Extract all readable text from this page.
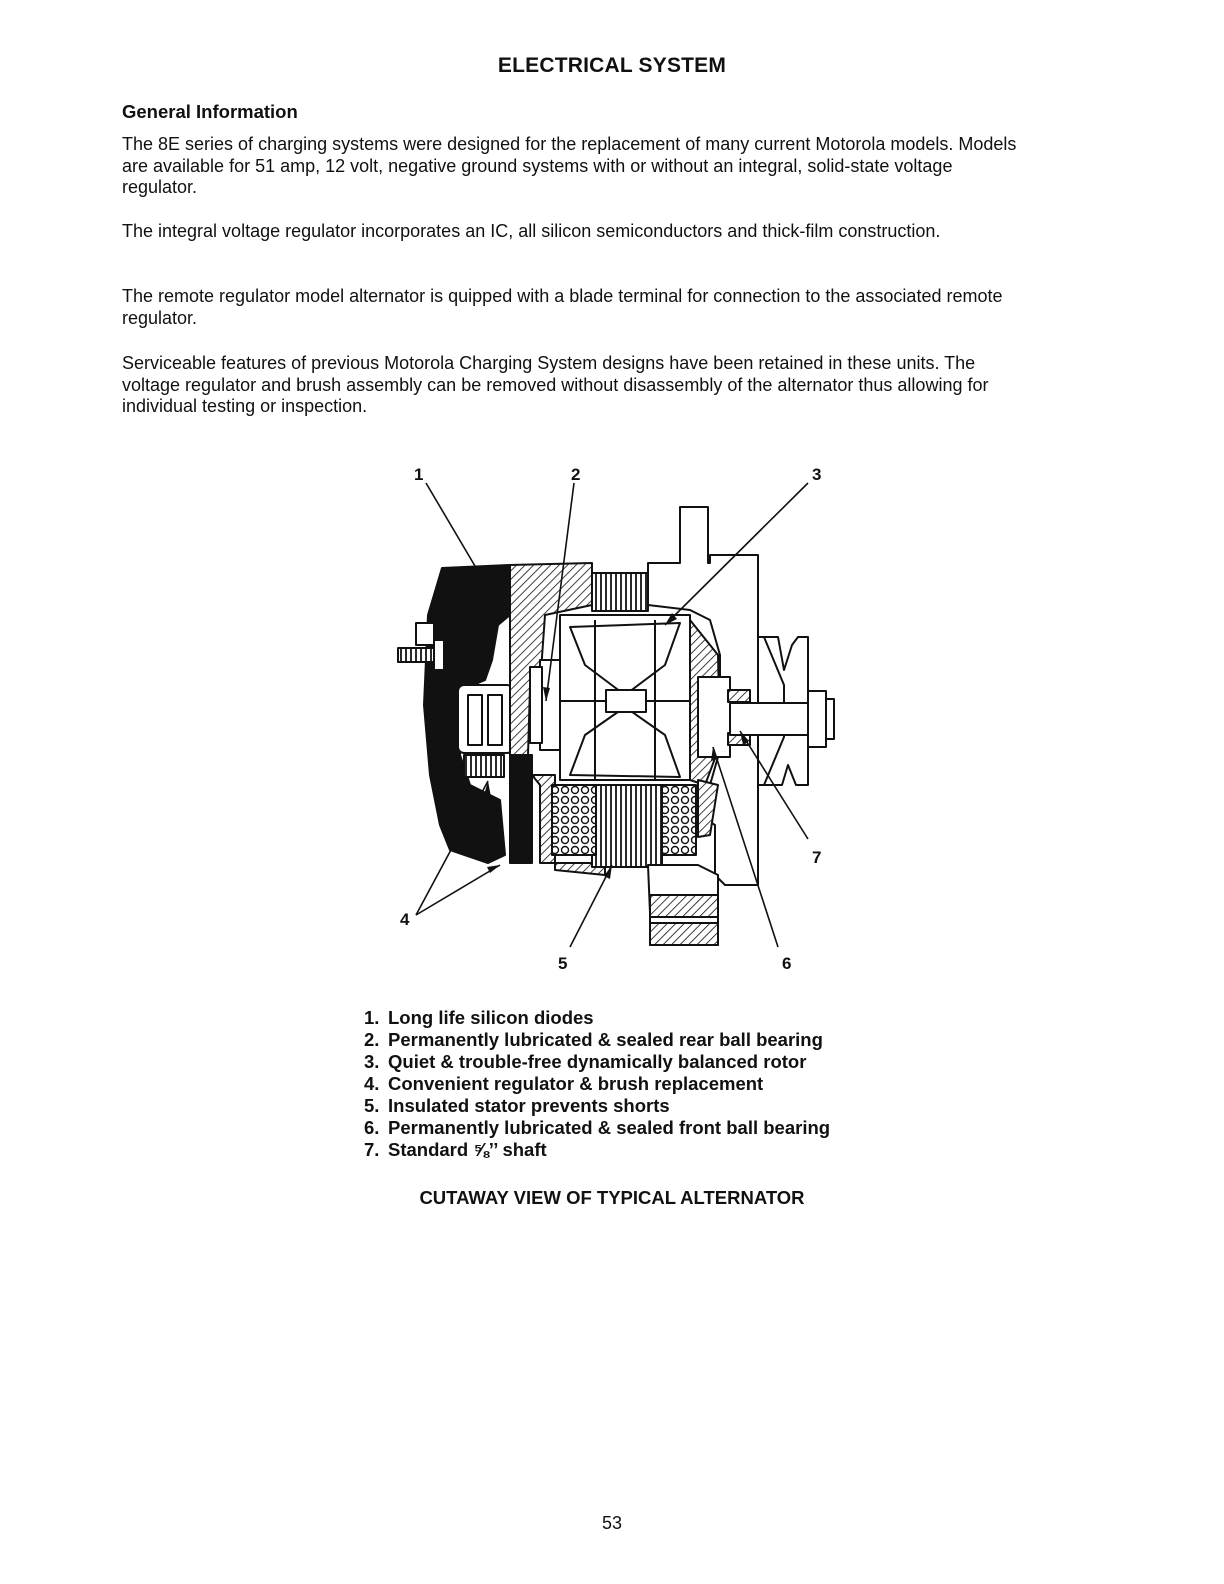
ELECTRICAL SYSTEM
General Information

The 8E series of charging systems were designed for the replacement of many current Motorola models. Models are available for 51 amp, 12 volt, negative ground systems with or without an integral, solid-state voltage regulator.

The integral voltage regulator incorporates an IC, all silicon semiconductors and thick-film construction.

The remote regulator model alternator is quipped with a blade terminal for connection to the associated remote regulator.

Serviceable features of previous Motorola Charging System designs have been retained in these units. The voltage regulator and brush assembly can be removed without disassembly of the alternator thus allowing for individual testing or inspection.

1	2	3
4
5	6
7
1. Long life silicon diodes
2. Permanently lubricated & sealed rear ball bearing
3. Quiet & trouble-free dynamically balanced rotor
4. Convenient regulator & brush replacement
5. Insulated stator prevents shorts
6. Permanently lubricated & sealed front ball bearing
7. Standard ⅝’’ shaft
CUTAWAY VIEW OF TYPICAL ALTERNATOR
53
